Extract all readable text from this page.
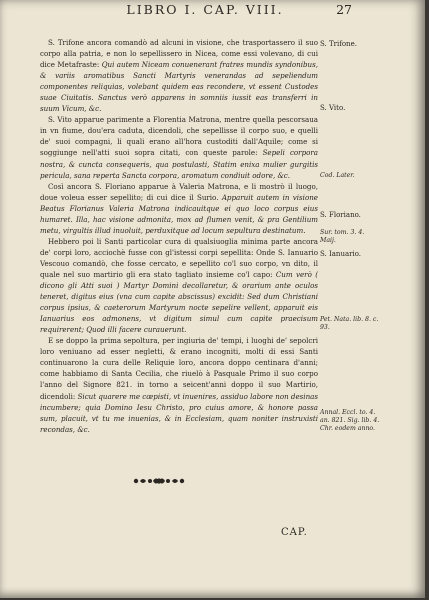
LIBRO I. CAP. VIII.	27

S. Trifone ancora comandò ad alcuni in visione, che trasportassero il suo corpo alla patria, e non lo sepellissero in Nicea, come essi volevano, di cui dice Metafraste: Qui autem Niceam conuenerant fratres mundis syndonibus, & variis aromatibus Sancti Martyris venerandas ad sepeliendum componentes reliquias, volebant quidem eas recondere, vt essent Custodes suae Ciuitatis. Sanctus verò apparens in somniis iussit eas transferri in suum Vicum, &c.

S. Vito apparue parimente a Florentia Matrona, mentre quella pescorsaua in vn fiume, dou'era caduta, dicendoli, che sepellisse il corpo suo, e quelli de' suoi compagni, li quali erano all'hora custoditi dall'Aquile; come si soggiunge nell'atti suoi sopra citati, con queste parole: Sepeli corpora nostra, & cuncta consequeris, qua postulasti, Statim enixa mulier gurgitis pericula, sana reperta Sancta corpora, aromatum condiuit odore, &c.

Così ancora S. Floriano apparue à Valeria Matrona, e li mostrò il luogo, doue voleua esser sepellito; di cui dice il Surio. Apparuit autem in visione Beatus Florianus Valeria Matrona indicauitque ei quo loco corpus eius humaret. Illa, hac visione admonita, mox ad flumen venit, & pra Gentilium metu, virgultis illud inuoluit, perduxitque ad locum sepultura destinatum.

Hebbero poi li Santi particolar cura di qualsiuoglia minima parte ancora de' corpi loro, acciochè fusse con gl'istessi corpi sepellita: Onde S. Ianuario Vescouo comandò, che fosse cercato, e sepellito co'l suo corpo, vn dito, il quale nel suo martirio gli era stato tagliato insieme co'l capo: Cum verò ( dicono gli Atti suoi ) Martyr Domini decollaretur, & orarium ante oculos teneret, digitus eius (vna cum capite abscissus) excidit: Sed dum Christiani corpus ipsius, & caeterorum Martyrum nocte sepelire vellent, apparuit eis Ianuarius eos admonens, vt digitum simul cum capite praecisum requirerent; Quod illi facere curauerunt.

E se doppo la prima sepoltura, per ingiuria de' tempi, i luoghi de' sepolcri loro veniuano ad esser negletti, & erano incogniti, molti di essi Santi continuarono la cura delle Reliquie loro, ancora doppo centinara d'anni; come habbiamo di Santa Cecilia, che riuelò à Pasquale Primo il suo corpo l'anno del Signore 821. in torno a seicent'anni doppo il suo Martirio, dicendoli: Sicut quarere me cœpisti, vt inuenires, assiduo labore non desinas incumbere; quia Domino Iesu Christo, pro cuius amore, & honore passa sum, placuit, vt tu me inuenias, & in Ecclesiam, quam noniter instruxisti recondas, &c.

S. Trifone.
S. Vito.
Cod. Later.
S. Floriano.
Sur. tom. 3. 4. Maij.
S. Ianuario.
Pet. Nata. lib. 8. c. 93.
Annal. Eccl. to. 4. an. 821. Sig. lib. 4. Chr. eodem anno.
CAP.
